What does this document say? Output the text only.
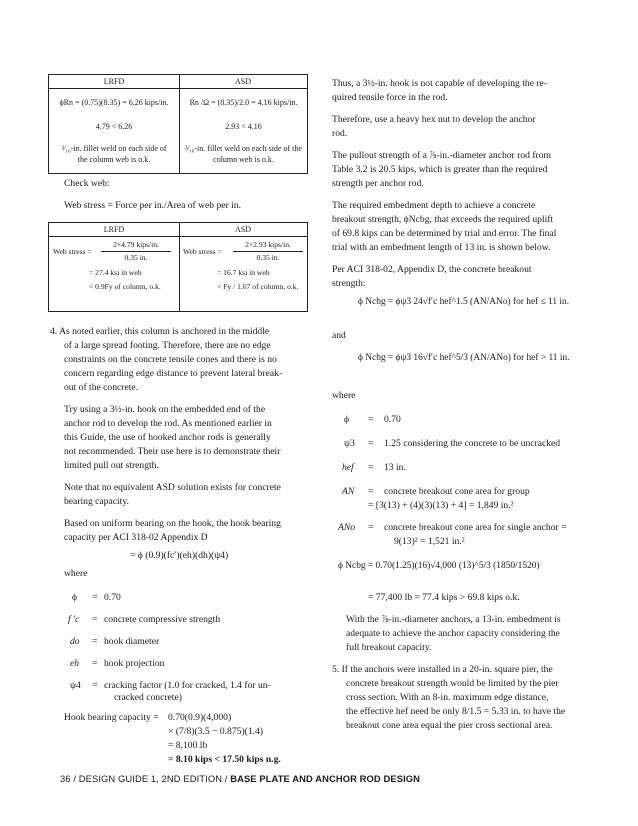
LRFD	ASD
ϕRn = (0.75)(8.35) = 6.26 kips/in.
4.79 < 6.26
³⁄₁₆-in. fillet weld on each side of
the column web is o.k.
Rn /Ω = (8.35)/2.0 = 4.16 kips/in.
2.93 < 4.16
³⁄₁₆-in. fillet weld on each side of the
column web is o.k.
Check web:
Web stress = Force per in./Area of web per in.
LRFD	ASD
Web stress =
2×4.79 kips/in.
0.35 in.
= 27.4 ksi in web
< 0.9Fy of column, o.k.
Web stress =
2×2.93 kips/in.
0.35 in.
= 16.7 ksi in web
< Fy / 1.67 of column, o.k.
4. As noted earlier, this column is anchored in the middle
of a large spread footing. Therefore, there are no edge
constraints on the concrete tensile cones and there is no
concern regarding edge distance to prevent lateral break-
out of the concrete.
Try using a 3½-in. hook on the embedded end of the
anchor rod to develop the rod. As mentioned earlier in
this Guide, the use of hooked anchor rods is generally
not recommended. Their use here is to demonstrate their
limited pull out strength.
Note that no equivalent ASD solution exists for concrete
bearing capacity.
Based on uniform bearing on the hook, the hook bearing
capacity per ACI 318-02 Appendix D
= ϕ (0.9)(fc′)(eh)(dh)(ψ4)
where
ϕ = 0.70
f ′c = concrete compressive strength
do = hook diameter
eh = hook projection
ψ4 = cracking factor (1.0 for cracked, 1.4 for un-
cracked concrete)
Hook bearing capacity = 0.70(0.9)(4,000)
× (7/8)(3.5 − 0.875)(1.4)
= 8,100 lb
= 8.10 kips < 17.50 kips n.g.
Thus, a 3½-in. hook is not capable of developing the re-
quired tensile force in the rod.
Therefore, use a heavy hex nut to develop the anchor
rod.
The pullout strength of a ⅞-in.-diameter anchor rod from
Table 3.2 is 20.5 kips, which is greater than the required
strength per anchor rod.
The required embedment depth to achieve a concrete
breakout strength, ϕNcbg, that exceeds the required uplift
of 69.8 kips can be determined by trial and error. The final
trial with an embedment length of 13 in. is shown below.
Per ACI 318-02, Appendix D, the concrete breakout
strength:
ϕ Ncbg = ϕψ3 24√f′c hef^1.5 (AN/ANo) for hef ≤ 11 in.
and
ϕ Ncbg = ϕψ3 16√f′c hef^5/3 (AN/ANo) for hef > 11 in.
where
ϕ = 0.70
ψ3 = 1.25 considering the concrete to be uncracked
hef = 13 in.
AN = concrete breakout cone area for group
= [3(13) + (4)(3)(13) + 4] = 1,849 in.²
ANo = concrete breakout cone area for single anchor =
9(13)² = 1,521 in.²
ϕ Ncbg = 0.70(1.25)(16)√4,000 (13)^5/3 (1850/1520)
= 77,400 lb = 77.4 kips > 69.8 kips o.k.
With the ⅞-in.-diameter anchors, a 13-in. embedment is
adequate to achieve the anchor capacity considering the
full breakout capacity.
5. If the anchors were installed in a 20-in. square pier, the
concrete breakout strength would be limited by the pier
cross section. With an 8-in. maximum edge distance,
the effective hef need be only 8/1.5 = 5.33 in. to have the
breakout cone area equal the pier cross sectional area.
36 / DESIGN GUIDE 1, 2ND EDITION / BASE PLATE AND ANCHOR ROD DESIGN
